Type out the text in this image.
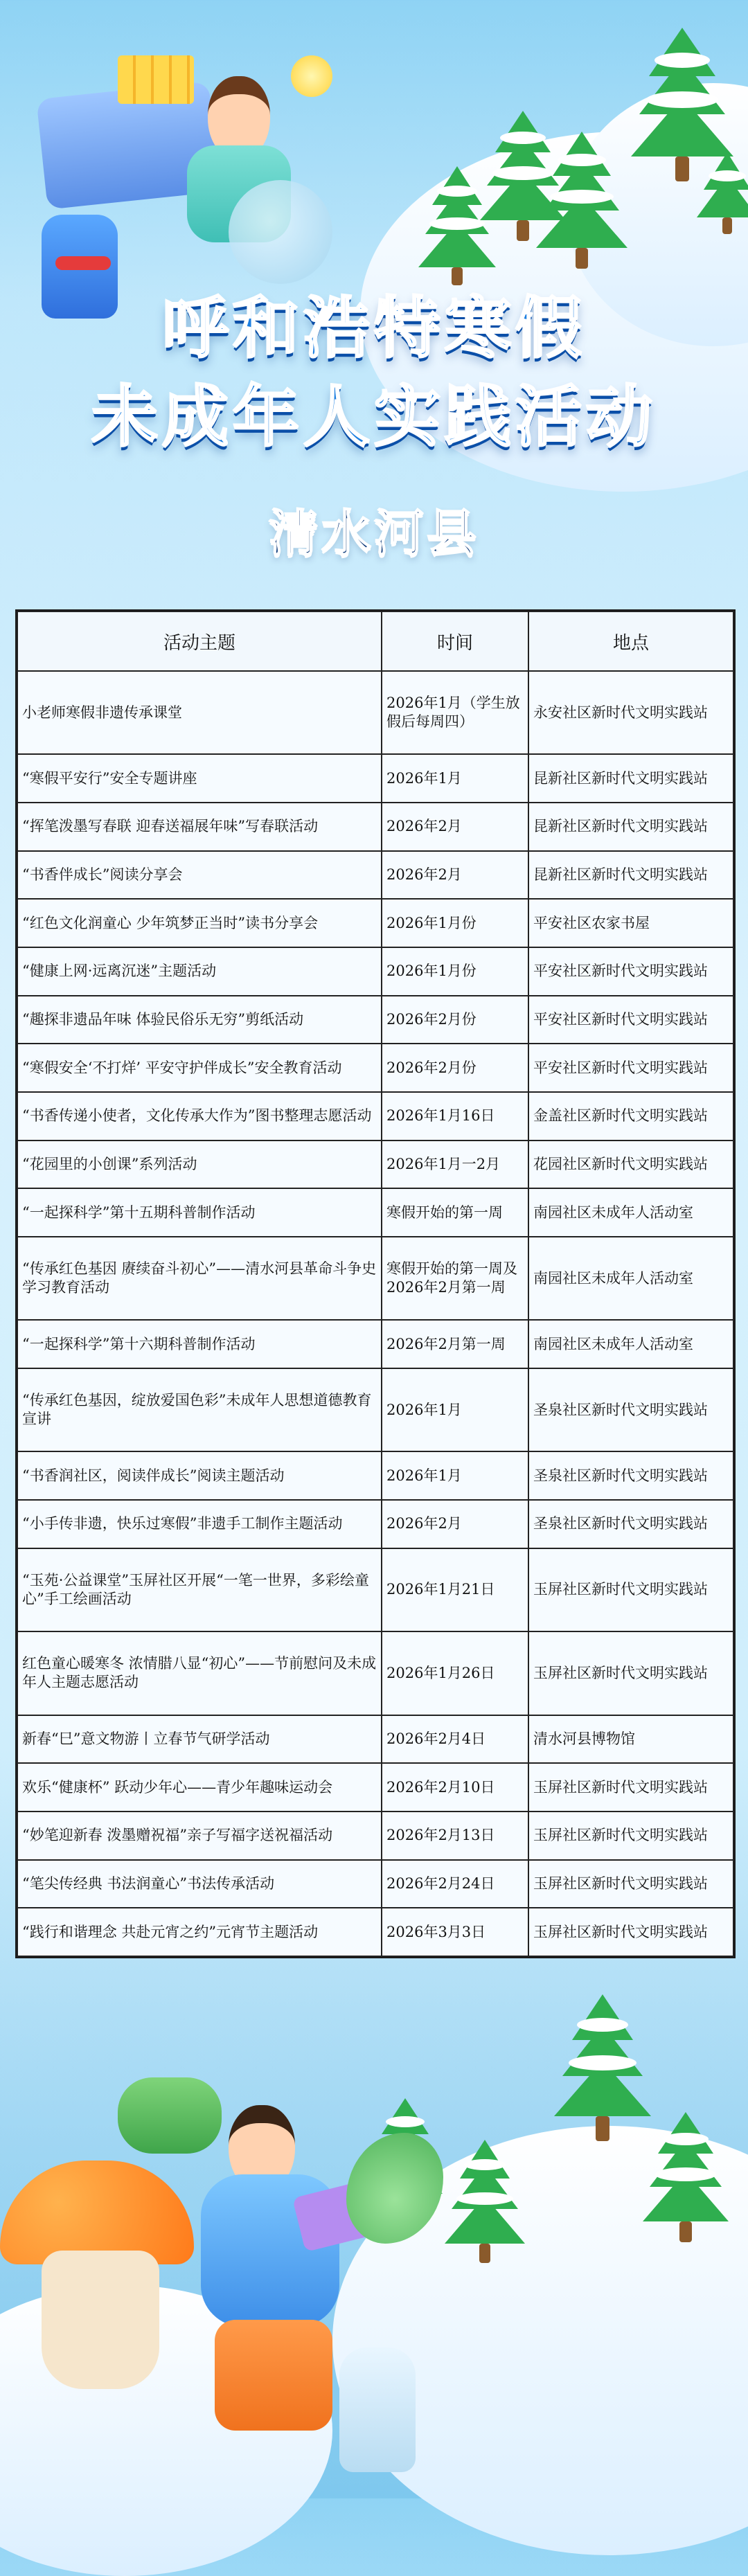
呼和浩特寒假
未成年人实践活动
清水河县
活动主题	时间	地点
小老师寒假非遗传承课堂	2026年1月（学生放假后每周四）	永安社区新时代文明实践站
“寒假平安行”安全专题讲座	2026年1月	昆新社区新时代文明实践站
“挥笔泼墨写春联 迎春送福展年味”写春联活动	2026年2月	昆新社区新时代文明实践站
“书香伴成长”阅读分享会	2026年2月	昆新社区新时代文明实践站
“红色文化润童心 少年筑梦正当时”读书分享会	2026年1月份	平安社区农家书屋
“健康上网·远离沉迷”主题活动	2026年1月份	平安社区新时代文明实践站
“趣探非遗品年味 体验民俗乐无穷”剪纸活动	2026年2月份	平安社区新时代文明实践站
“寒假安全‘不打烊’ 平安守护伴成长”安全教育活动	2026年2月份	平安社区新时代文明实践站
“书香传递小使者，文化传承大作为”图书整理志愿活动	2026年1月16日	金盖社区新时代文明实践站
“花园里的小创课”系列活动	2026年1月一2月	花园社区新时代文明实践站
“一起探科学”第十五期科普制作活动	寒假开始的第一周	南园社区未成年人活动室
“传承红色基因 赓续奋斗初心”——清水河县革命斗争史学习教育活动	寒假开始的第一周及2026年2月第一周	南园社区未成年人活动室
“一起探科学”第十六期科普制作活动	2026年2月第一周	南园社区未成年人活动室
“传承红色基因，绽放爱国色彩”未成年人思想道德教育宣讲	2026年1月	圣泉社区新时代文明实践站
“书香润社区，阅读伴成长”阅读主题活动	2026年1月	圣泉社区新时代文明实践站
“小手传非遗，快乐过寒假”非遗手工制作主题活动	2026年2月	圣泉社区新时代文明实践站
“玉苑·公益课堂”玉屏社区开展“一笔一世界，多彩绘童心”手工绘画活动	2026年1月21日	玉屏社区新时代文明实践站
红色童心暖寒冬 浓情腊八显“初心”——节前慰问及未成年人主题志愿活动	2026年1月26日	玉屏社区新时代文明实践站
新春“巳”意文物游丨立春节气研学活动	2026年2月4日	清水河县博物馆
欢乐“健康杯” 跃动少年心——青少年趣味运动会	2026年2月10日	玉屏社区新时代文明实践站
“妙笔迎新春 泼墨赠祝福”亲子写福字送祝福活动	2026年2月13日	玉屏社区新时代文明实践站
“笔尖传经典 书法润童心”书法传承活动	2026年2月24日	玉屏社区新时代文明实践站
“践行和谐理念 共赴元宵之约”元宵节主题活动	2026年3月3日	玉屏社区新时代文明实践站
